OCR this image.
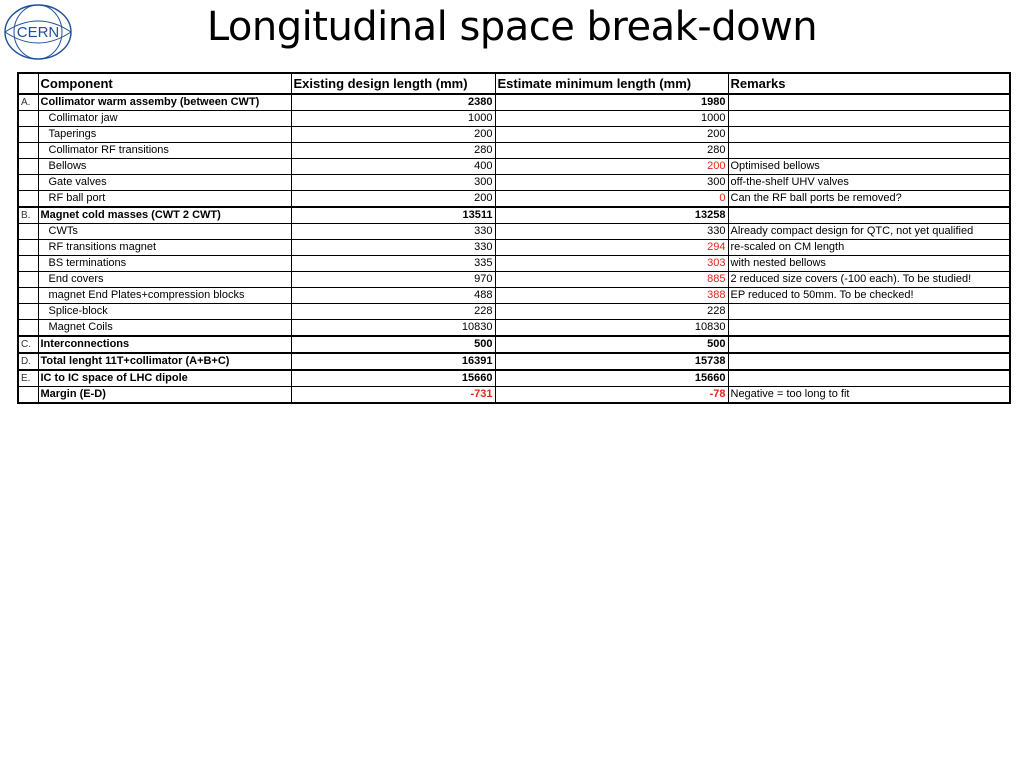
CERN	Longitudinal space break-down
	Component	Existing design length (mm)	Estimate minimum length (mm)	Remarks
A.	Collimator warm assemby (between CWT)	2380	1980	
	Collimator jaw	1000	1000	
	Taperings	200	200	
	Collimator RF transitions	280	280	
	Bellows	400	200	Optimised bellows
	Gate valves	300	300	off-the-shelf UHV valves
	RF ball port	200	0	Can the RF ball ports be removed?
B.	Magnet cold masses (CWT 2 CWT)	13511	13258	
	CWTs	330	330	Already compact design for QTC, not yet qualified
	RF transitions magnet	330	294	re-scaled on CM length
	BS terminations	335	303	with nested bellows
	End covers	970	885	2 reduced size covers (-100 each). To be studied!
	magnet End Plates+compression blocks	488	388	EP reduced to 50mm. To be checked!
	Splice-block	228	228	
	Magnet Coils	10830	10830	
C.	Interconnections	500	500	
D.	Total lenght 11T+collimator (A+B+C)	16391	15738	
E.	IC to IC space of LHC dipole	15660	15660	
	Margin (E-D)	-731	-78	Negative = too long to fit
